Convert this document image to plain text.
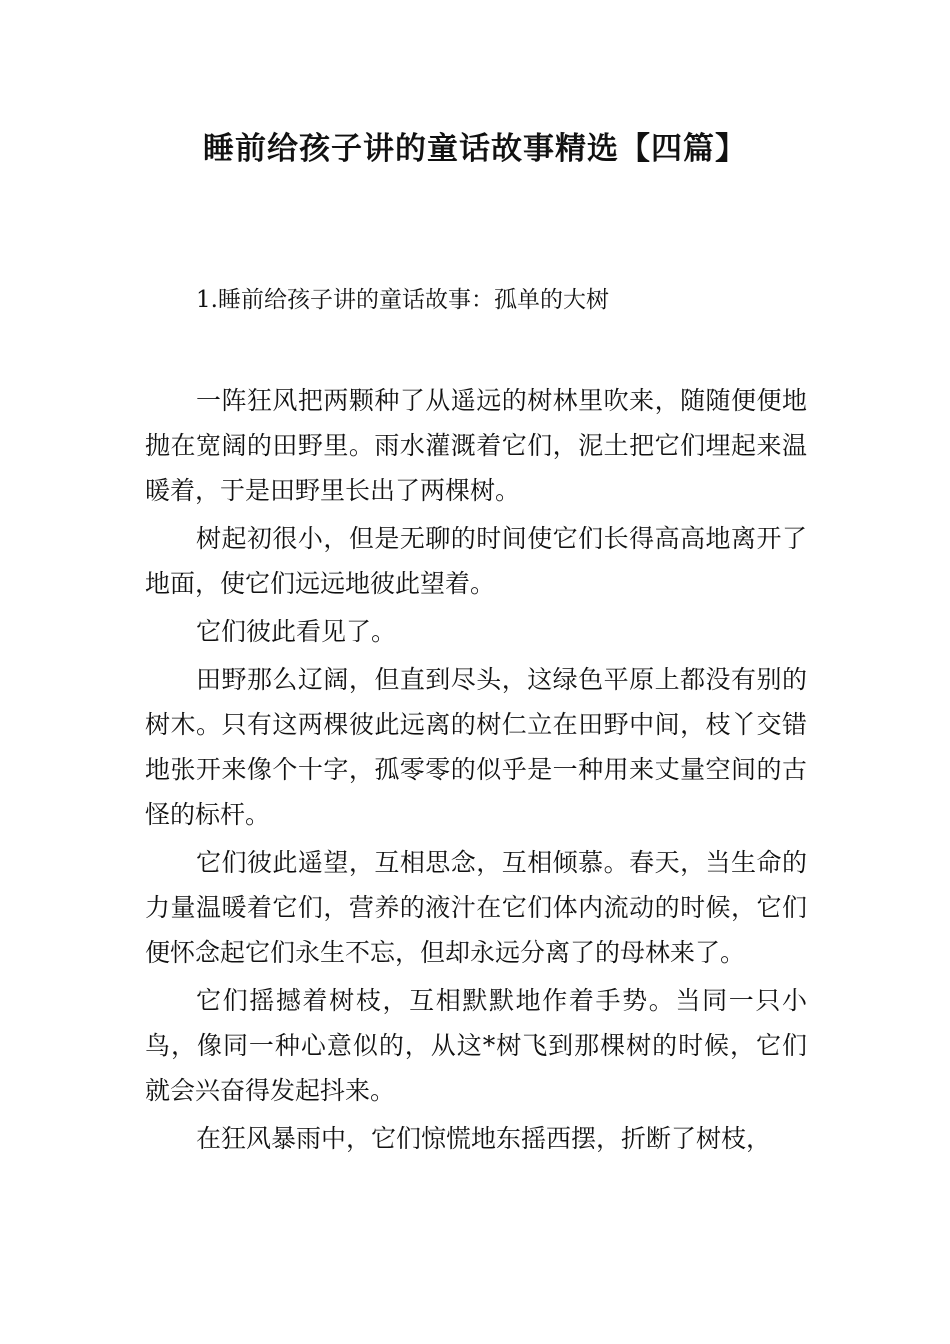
睡前给孩子讲的童话故事精选【四篇】
1.睡前给孩子讲的童话故事：孤单的大树

一阵狂风把两颗种了从遥远的树林里吹来，随随便便地抛在宽阔的田野里。雨水灌溉着它们，泥土把它们埋起来温暖着，于是田野里长出了两棵树。

树起初很小，但是无聊的时间使它们长得高高地离开了地面，使它们远远地彼此望着。

它们彼此看见了。

田野那么辽阔，但直到尽头，这绿色平原上都没有别的树木。只有这两棵彼此远离的树仁立在田野中间，枝丫交错地张开来像个十字，孤零零的似乎是一种用来丈量空间的古怪的标杆。

它们彼此遥望，互相思念，互相倾慕。春天，当生命的力量温暖着它们，营养的液汁在它们体内流动的时候，它们便怀念起它们永生不忘，但却永远分离了的母林来了。

它们摇撼着树枝，互相默默地作着手势。当同一只小鸟，像同一种心意似的，从这*树飞到那棵树的时候，它们就会兴奋得发起抖来。

在狂风暴雨中，它们惊慌地东摇西摆，折断了树枝，
